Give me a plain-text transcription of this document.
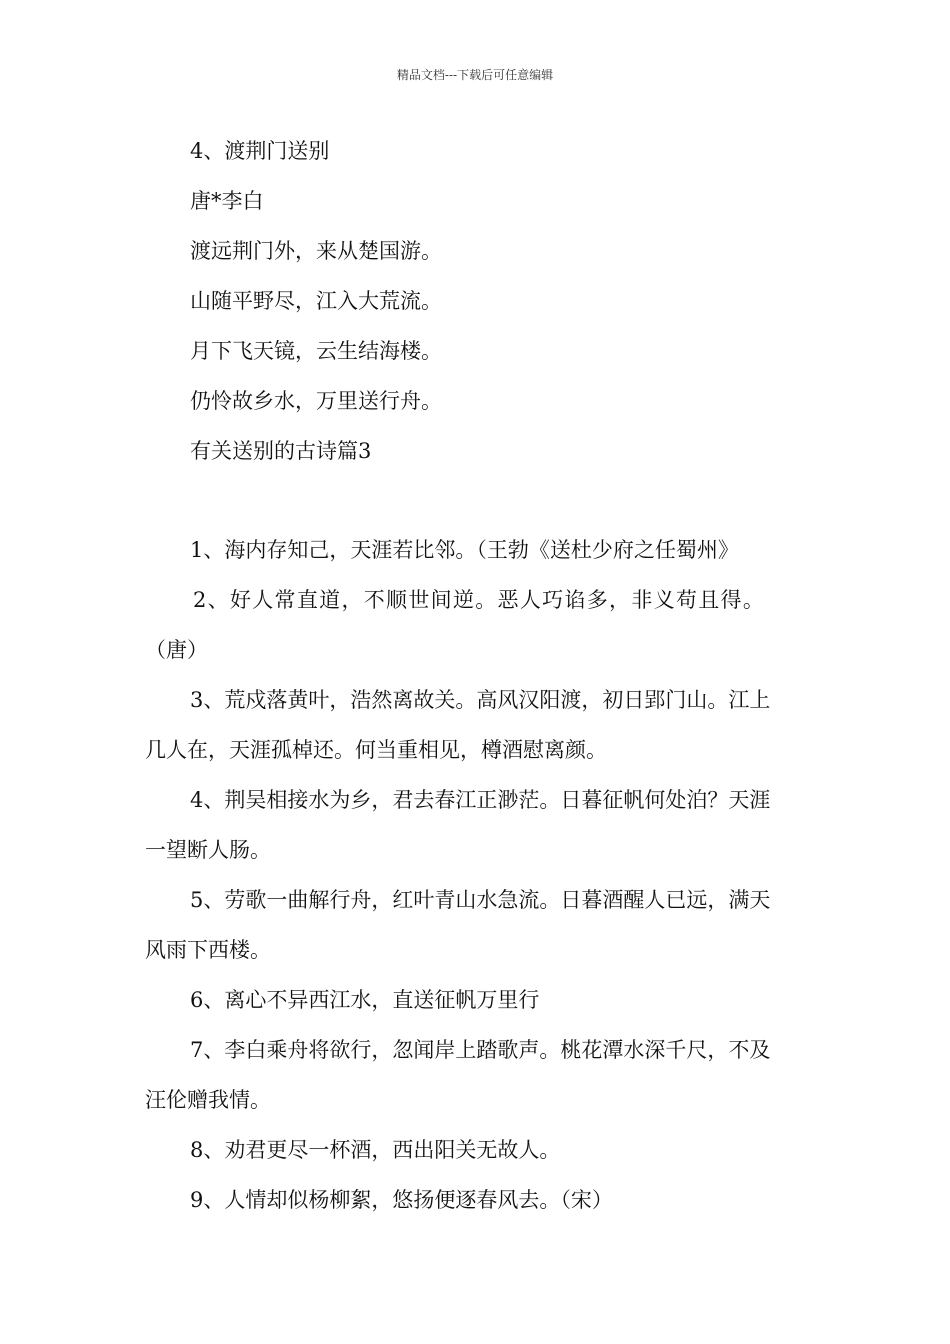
精品文档---下载后可任意编辑
4、渡荆门送别
唐*李白
渡远荆门外，来从楚国游。
山随平野尽，江入大荒流。
月下飞天镜，云生结海楼。
仍怜故乡水，万里送行舟。
有关送别的古诗篇3
1、海内存知己，天涯若比邻。（王勃《送杜少府之任蜀州》
2、好人常直道，不顺世间逆。恶人巧谄多，非义苟且得。
（唐）
3、荒戍落黄叶，浩然离故关。高风汉阳渡，初日郢门山。江上
几人在，天涯孤棹还。何当重相见，樽酒慰离颜。
4、荆吴相接水为乡，君去春江正渺茫。日暮征帆何处泊？天涯
一望断人肠。
5、劳歌一曲解行舟，红叶青山水急流。日暮酒醒人已远，满天
风雨下西楼。
6、离心不异西江水，直送征帆万里行
7、李白乘舟将欲行，忽闻岸上踏歌声。桃花潭水深千尺，不及
汪伦赠我情。
8、劝君更尽一杯酒，西出阳关无故人。
9、人情却似杨柳絮，悠扬便逐春风去。（宋）
